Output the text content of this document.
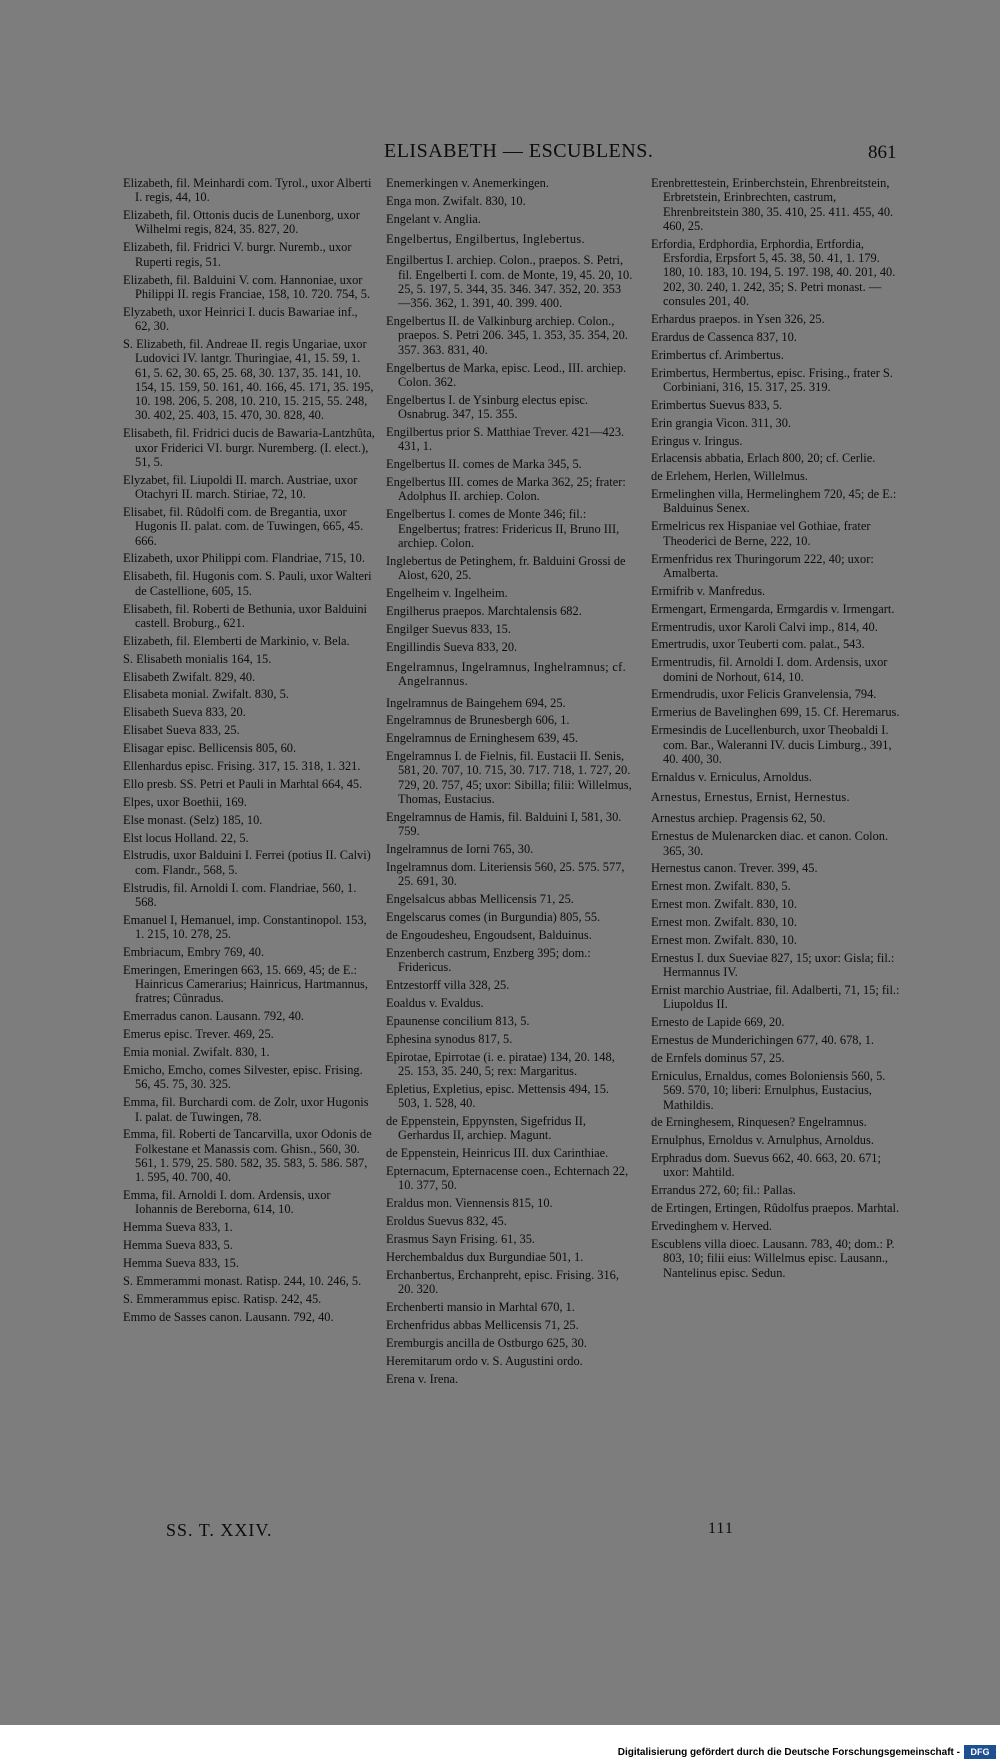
ELISABETH — ESCUBLENS.	861
Elizabeth, fil. Meinhardi com. Tyrol., uxor Alberti I. regis, 44, 10.
Elizabeth, fil. Ottonis ducis de Lunenborg, uxor Wilhelmi regis, 824, 35. 827, 20.
Elizabeth, fil. Fridrici V. burgr. Nuremb., uxor Ruperti regis, 51.
Elizabeth, fil. Balduini V. com. Hannoniae, uxor Philippi II. regis Franciae, 158, 10. 720. 754, 5.
Elyzabeth, uxor Heinrici I. ducis Bawariae inf., 62, 30.
S. Elizabeth, fil. Andreae II. regis Ungariae, uxor Ludovici IV. lantgr. Thuringiae, 41, 15. 59, 1. 61, 5. 62, 30. 65, 25. 68, 30. 137, 35. 141, 10. 154, 15. 159, 50. 161, 40. 166, 45. 171, 35. 195, 10. 198. 206, 5. 208, 10. 210, 15. 215, 55. 248, 30. 402, 25. 403, 15. 470, 30. 828, 40.
Elisabeth, fil. Fridrici ducis de Bawaria-Lantzhûta, uxor Friderici VI. burgr. Nuremberg. (I. elect.), 51, 5.
Elyzabet, fil. Liupoldi II. march. Austriae, uxor Otachyri II. march. Stiriae, 72, 10.
Elisabet, fil. Rûdolfi com. de Bregantia, uxor Hugonis II. palat. com. de Tuwingen, 665, 45. 666.
Elizabeth, uxor Philippi com. Flandriae, 715, 10.
Elisabeth, fil. Hugonis com. S. Pauli, uxor Walteri de Castellione, 605, 15.
Elisabeth, fil. Roberti de Bethunia, uxor Balduini castell. Broburg., 621.
Elizabeth, fil. Elemberti de Markinio, v. Bela.
S. Elisabeth monialis 164, 15.
Elisabeth Zwifalt. 829, 40.
Elisabeta monial. Zwifalt. 830, 5.
Elisabeth Sueva 833, 20.
Elisabet Sueva 833, 25.
Elisagar episc. Bellicensis 805, 60.
Ellenhardus episc. Frising. 317, 15. 318, 1. 321.
Ello presb. SS. Petri et Pauli in Marhtal 664, 45.
Elpes, uxor Boethii, 169.
Else monast. (Selz) 185, 10.
Elst locus Holland. 22, 5.
Elstrudis, uxor Balduini I. Ferrei (potius II. Calvi) com. Flandr., 568, 5.
Elstrudis, fil. Arnoldi I. com. Flandriae, 560, 1. 568.
Emanuel I, Hemanuel, imp. Constantinopol. 153, 1. 215, 10. 278, 25.
Embriacum, Embry 769, 40.
Emeringen, Emeringen 663, 15. 669, 45; de E.: Hainricus Camerarius; Hainricus, Hartmannus, fratres; Cûnradus.
Emerradus canon. Lausann. 792, 40.
Emerus episc. Trever. 469, 25.
Emia monial. Zwifalt. 830, 1.
Emicho, Emcho, comes Silvester, episc. Frising. 56, 45. 75, 30. 325.
Emma, fil. Burchardi com. de Zolr, uxor Hugonis I. palat. de Tuwingen, 78.
Emma, fil. Roberti de Tancarvilla, uxor Odonis de Folkestane et Manassis com. Ghisn., 560, 30. 561, 1. 579, 25. 580. 582, 35. 583, 5. 586. 587, 1. 595, 40. 700, 40.
Emma, fil. Arnoldi I. dom. Ardensis, uxor Iohannis de Bereborna, 614, 10.
Hemma Sueva 833, 1.
Hemma Sueva 833, 5.
Hemma Sueva 833, 15.
S. Emmerammi monast. Ratisp. 244, 10. 246, 5.
S. Emmerammus episc. Ratisp. 242, 45.
Emmo de Sasses canon. Lausann. 792, 40.
Enemerkingen v. Anemerkingen.
Enga mon. Zwifalt. 830, 10.
Engelant v. Anglia.
Engelbertus, Engilbertus, Inglebertus.
Engilbertus I. archiep. Colon., praepos. S. Petri, fil. Engelberti I. com. de Monte, 19, 45. 20, 10. 25, 5. 197, 5. 344, 35. 346. 347. 352, 20. 353—356. 362, 1. 391, 40. 399. 400.
Engelbertus II. de Valkinburg archiep. Colon., praepos. S. Petri 206. 345, 1. 353, 35. 354, 20. 357. 363. 831, 40.
Engelbertus de Marka, episc. Leod., III. archiep. Colon. 362.
Engelbertus I. de Ysinburg electus episc. Osnabrug. 347, 15. 355.
Engilbertus prior S. Matthiae Trever. 421—423. 431, 1.
Engelbertus II. comes de Marka 345, 5.
Engelbertus III. comes de Marka 362, 25; frater: Adolphus II. archiep. Colon.
Engelbertus I. comes de Monte 346; fil.: Engelbertus; fratres: Fridericus II, Bruno III, archiep. Colon.
Inglebertus de Petinghem, fr. Balduini Grossi de Alost, 620, 25.
Engelheim v. Ingelheim.
Engilherus praepos. Marchtalensis 682.
Engilger Suevus 833, 15.
Engillindis Sueva 833, 20.
Engelramnus, Ingelramnus, Inghelramnus; cf. Angelrannus.
Ingelramnus de Baingehem 694, 25.
Engelramnus de Brunesbergh 606, 1.
Engelramnus de Erninghesem 639, 45.
Engelramnus I. de Fielnis, fil. Eustacii II. Senis, 581, 20. 707, 10. 715, 30. 717. 718, 1. 727, 20. 729, 20. 757, 45; uxor: Sibilla; filii: Willelmus, Thomas, Eustacius.
Engelramnus de Hamis, fil. Balduini I, 581, 30. 759.
Ingelramnus de Iorni 765, 30.
Ingelramnus dom. Literiensis 560, 25. 575. 577, 25. 691, 30.
Engelsalcus abbas Mellicensis 71, 25.
Engelscarus comes (in Burgundia) 805, 55.
de Engoudesheu, Engoudsent, Balduinus.
Enzenberch castrum, Enzberg 395; dom.: Fridericus.
Entzestorff villa 328, 25.
Eoaldus v. Evaldus.
Epaunense concilium 813, 5.
Ephesina synodus 817, 5.
Epirotae, Epirrotae (i. e. piratae) 134, 20. 148, 25. 153, 35. 240, 5; rex: Margaritus.
Epletius, Expletius, episc. Mettensis 494, 15. 503, 1. 528, 40.
de Eppenstein, Eppynsten, Sigefridus II, Gerhardus II, archiep. Magunt.
de Eppenstein, Heinricus III. dux Carinthiae.
Epternacum, Epternacense coen., Echternach 22, 10. 377, 50.
Eraldus mon. Viennensis 815, 10.
Eroldus Suevus 832, 45.
Erasmus Sayn Frising. 61, 35.
Herchembaldus dux Burgundiae 501, 1.
Erchanbertus, Erchanpreht, episc. Frising. 316, 20. 320.
Erchenberti mansio in Marhtal 670, 1.
Erchenfridus abbas Mellicensis 71, 25.
Eremburgis ancilla de Ostburgo 625, 30.
Heremitarum ordo v. S. Augustini ordo.
Erena v. Irena.
Erenbrettestein, Erinberchstein, Ehrenbreitstein, Erbretstein, Erinbrechten, castrum, Ehrenbreitstein 380, 35. 410, 25. 411. 455, 40. 460, 25.
Erfordia, Erdphordia, Erphordia, Ertfordia, Ersfordia, Erpsfort 5, 45. 38, 50. 41, 1. 179. 180, 10. 183, 10. 194, 5. 197. 198, 40. 201, 40. 202, 30. 240, 1. 242, 35; S. Petri monast. — consules 201, 40.
Erhardus praepos. in Ysen 326, 25.
Erardus de Cassenca 837, 10.
Erimbertus cf. Arimbertus.
Erimbertus, Hermbertus, episc. Frising., frater S. Corbiniani, 316, 15. 317, 25. 319.
Erimbertus Suevus 833, 5.
Erin grangia Vicon. 311, 30.
Eringus v. Iringus.
Erlacensis abbatia, Erlach 800, 20; cf. Cerlie.
de Erlehem, Herlen, Willelmus.
Ermelinghen villa, Hermelinghem 720, 45; de E.: Balduinus Senex.
Ermelricus rex Hispaniae vel Gothiae, frater Theoderici de Berne, 222, 10.
Ermenfridus rex Thuringorum 222, 40; uxor: Amalberta.
Ermifrib v. Manfredus.
Ermengart, Ermengarda, Ermgardis v. Irmengart.
Ermentrudis, uxor Karoli Calvi imp., 814, 40.
Emertrudis, uxor Teuberti com. palat., 543.
Ermentrudis, fil. Arnoldi I. dom. Ardensis, uxor domini de Norhout, 614, 10.
Ermendrudis, uxor Felicis Granvelensia, 794.
Ermerius de Bavelinghen 699, 15. Cf. Heremarus.
Ermesindis de Lucellenburch, uxor Theobaldi I. com. Bar., Waleranni IV. ducis Limburg., 391, 40. 400, 30.
Ernaldus v. Erniculus, Arnoldus.
Arnestus, Ernestus, Ernist, Hernestus.
Arnestus archiep. Pragensis 62, 50.
Ernestus de Mulenarcken diac. et canon. Colon. 365, 30.
Hernestus canon. Trever. 399, 45.
Ernest mon. Zwifalt. 830, 5.
Ernest mon. Zwifalt. 830, 10.
Ernest mon. Zwifalt. 830, 10.
Ernest mon. Zwifalt. 830, 10.
Ernestus I. dux Sueviae 827, 15; uxor: Gisla; fil.: Hermannus IV.
Ernist marchio Austriae, fil. Adalberti, 71, 15; fil.: Liupoldus II.
Ernesto de Lapide 669, 20.
Ernestus de Munderichingen 677, 40. 678, 1.
de Ernfels dominus 57, 25.
Erniculus, Ernaldus, comes Boloniensis 560, 5. 569. 570, 10; liberi: Ernulphus, Eustacius, Mathildis.
de Erninghesem, Rinquesen? Engelramnus.
Ernulphus, Ernoldus v. Arnulphus, Arnoldus.
Erphradus dom. Suevus 662, 40. 663, 20. 671; uxor: Mahtild.
Errandus 272, 60; fil.: Pallas.
de Ertingen, Ertingen, Rûdolfus praepos. Marhtal.
Ervedinghem v. Herved.
Escublens villa dioec. Lausann. 783, 40; dom.: P. 803, 10; filii eius: Willelmus episc. Lausann., Nantelinus episc. Sedun.
SS. T. XXIV.	111
Digitalisierung gefördert durch die Deutsche Forschungsgemeinschaft -	DFG
